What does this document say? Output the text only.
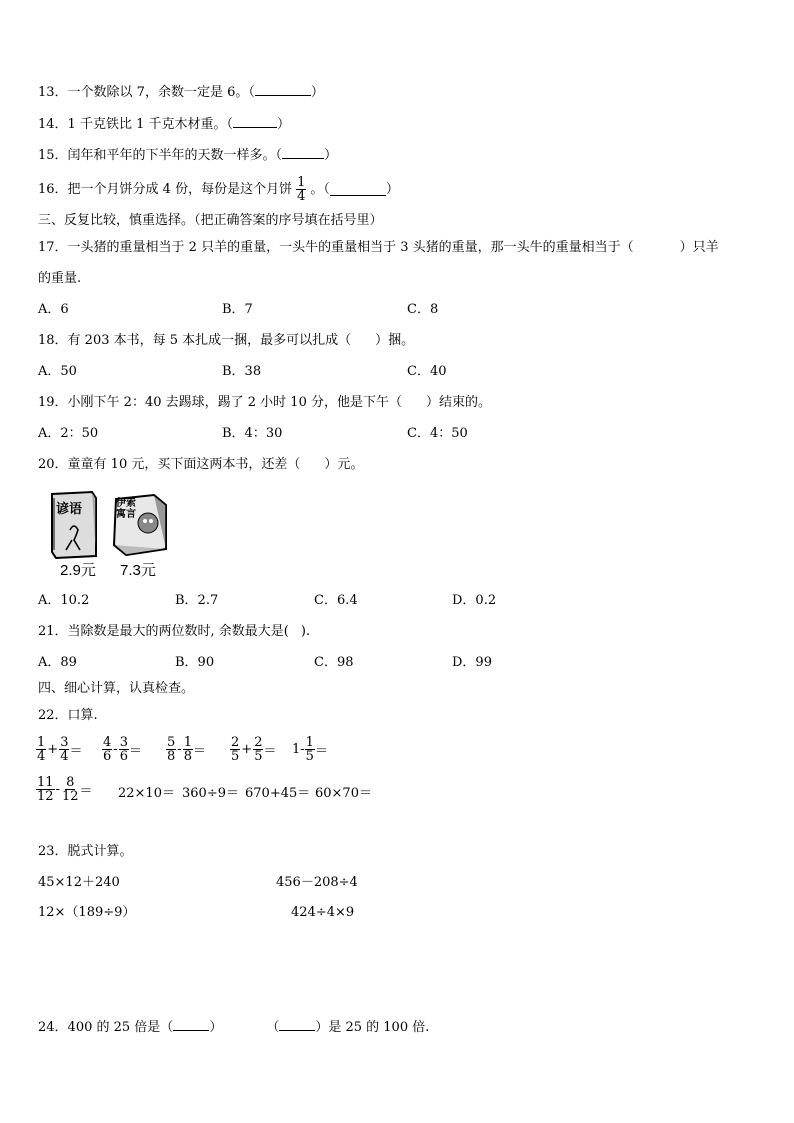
13．一个数除以 7，余数一定是 6。（	）
14．1 千克铁比 1 千克木材重。（	）
15．闰年和平年的下半年的天数一样多。（	）
16． 把一个月饼分成 4 份，每份是这个月饼 $\frac{1}{4}$ 。（	）
三、反复比较，慎重选择。（把正确答案的序号填在括号里）
17．一头猪的重量相当于 2 只羊的重量，一头牛的重量相当于 3 头猪的重量，那一头牛的重量相当于（	）只羊
的重量.
A．6	B．7	C．8
18．有 203 本书，每 5 本扎成一捆，最多可以扎成（ ）捆。
A．50	B．38	C．40
19．小刚下午 2：40 去踢球，踢了 2 小时 10 分，他是下午（ ）结束的。
A．2：50	B．4：30	C．4：50
20．童童有 10 元，买下面这两本书，还差（ ）元。
谚语
2.9元
伊索寓言
7.3元
A．10.2	B．2.7	C．6.4	D．0.2
21．当除数是最大的两位数时, 余数最大是( ).
A．89	B．90	C．98	D．99
四、细心计算，认真检查。
22．口算.
$\frac{1}{4} + \frac{3}{4} = \frac{4}{6} - \frac{3}{6} = \frac{5}{8} - \frac{1}{8} = \frac{2}{5} + \frac{2}{5} = 1- \frac{1}{5}$ ＝
$\frac{11}{12} - \frac{8}{12} = 22\times 10= 360\div 9= 670+45= 60\times 70=$
23．脱式计算。
45×12＋240	456－208÷4
12×（189÷9）	424÷4×9
24．400 的 25 倍是（	）	（	）是 25 的 100 倍.
